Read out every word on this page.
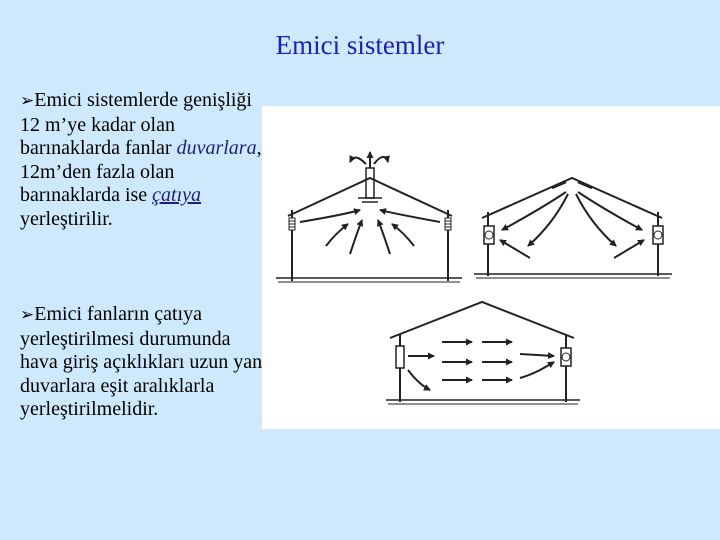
Emici sistemler
➢Emici sistemlerde genişliği 12 m’ye kadar olan barınaklarda fanlar duvarlara, 12m’den fazla olan barınaklarda ise çatıya yerleştirilir.
➢Emici fanların çatıya yerleştirilmesi durumunda hava giriş açıklıkları uzun yan duvarlara eşit aralıklarla yerleştirilmelidir.
